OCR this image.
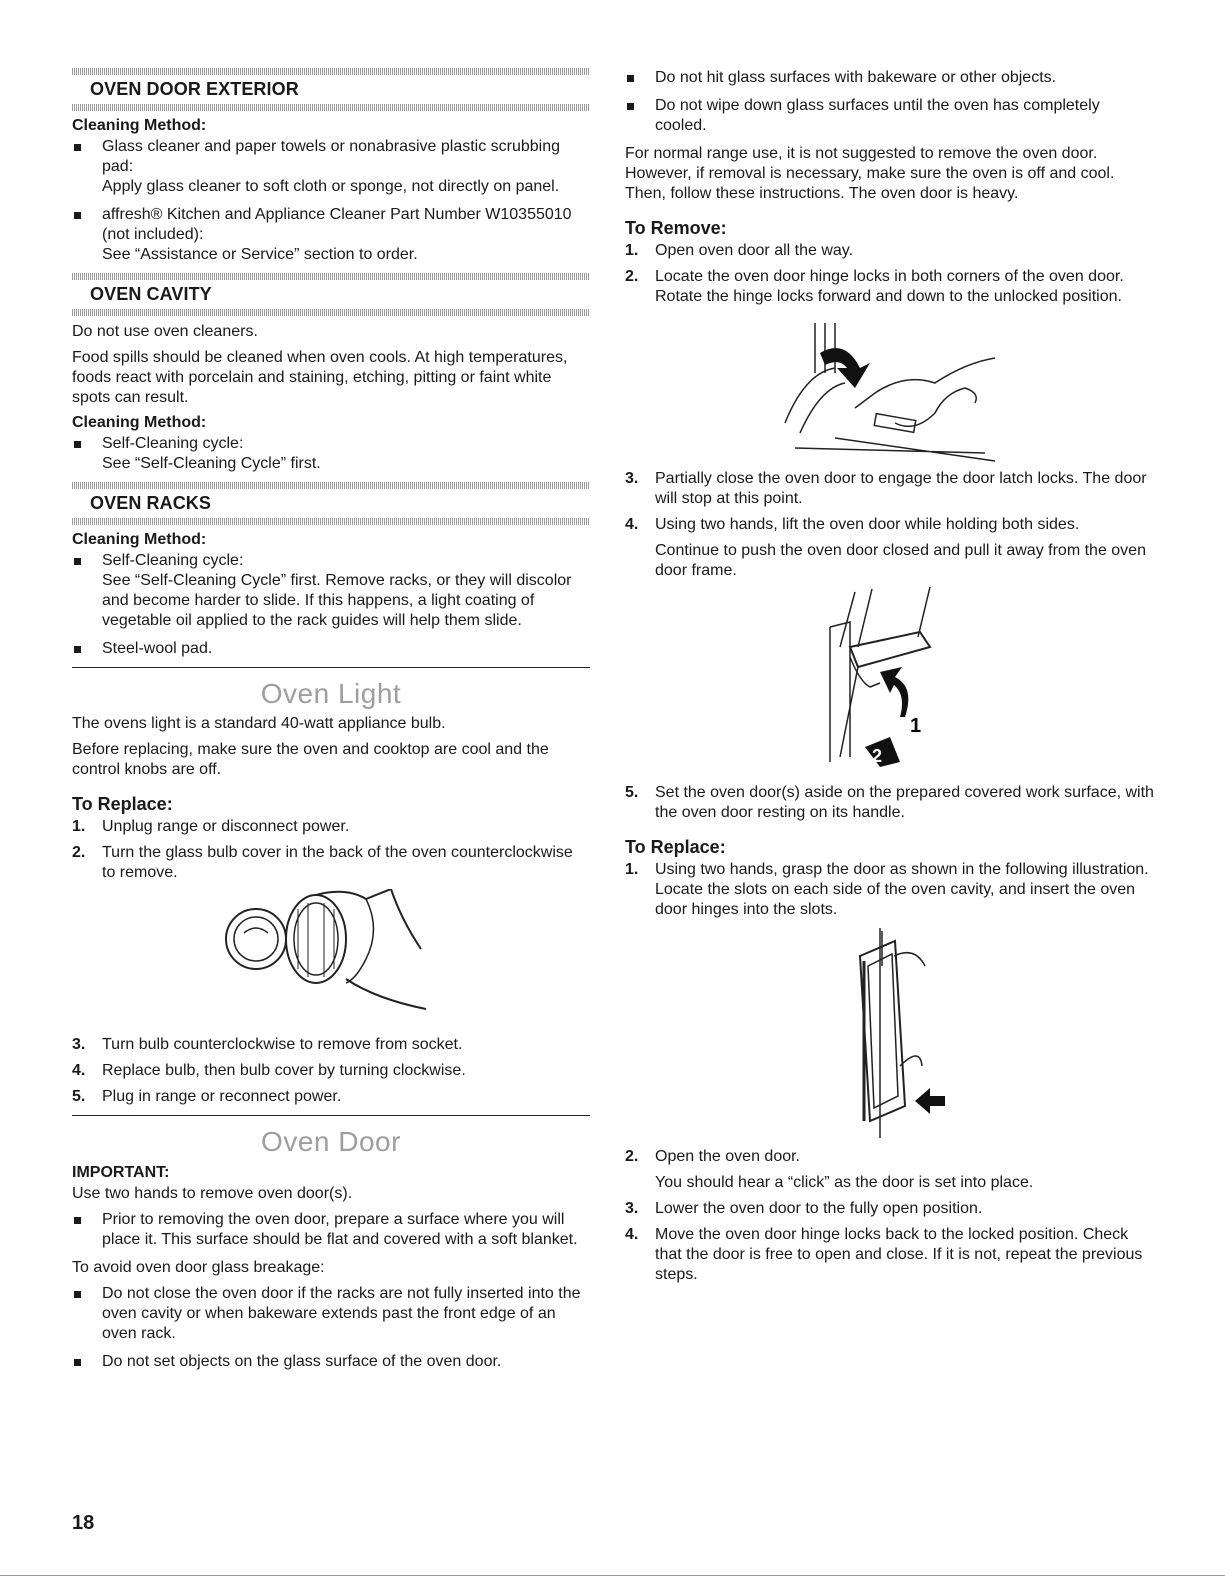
OVEN DOOR EXTERIOR
Cleaning Method:
Glass cleaner and paper towels or nonabrasive plastic scrubbing pad:
Apply glass cleaner to soft cloth or sponge, not directly on panel.
affresh® Kitchen and Appliance Cleaner Part Number W10355010 (not included):
See “Assistance or Service” section to order.
OVEN CAVITY

Do not use oven cleaners.

Food spills should be cleaned when oven cools. At high temperatures, foods react with porcelain and staining, etching, pitting or faint white spots can result.

Cleaning Method:
Self-Cleaning cycle:
See “Self-Cleaning Cycle” first.
OVEN RACKS
Cleaning Method:
Self-Cleaning cycle:
See “Self-Cleaning Cycle” first. Remove racks, or they will discolor and become harder to slide. If this happens, a light coating of vegetable oil applied to the rack guides will help them slide.
Steel-wool pad.
Oven Light

The ovens light is a standard 40-watt appliance bulb.

Before replacing, make sure the oven and cooktop are cool and the control knobs are off.

To Replace:
1. Unplug range or disconnect power.
2. Turn the glass bulb cover in the back of the oven counterclockwise to remove.
3. Turn bulb counterclockwise to remove from socket.
4. Replace bulb, then bulb cover by turning clockwise.
5. Plug in range or reconnect power.
Oven Door
IMPORTANT:

Use two hands to remove oven door(s).

Prior to removing the oven door, prepare a surface where you will place it. This surface should be flat and covered with a soft blanket.

To avoid oven door glass breakage:

Do not close the oven door if the racks are not fully inserted into the oven cavity or when bakeware extends past the front edge of an oven rack.
Do not set objects on the glass surface of the oven door.
Do not hit glass surfaces with bakeware or other objects.
Do not wipe down glass surfaces until the oven has completely cooled.

For normal range use, it is not suggested to remove the oven door. However, if removal is necessary, make sure the oven is off and cool. Then, follow these instructions. The oven door is heavy.

To Remove:
1. Open oven door all the way.
2. Locate the oven door hinge locks in both corners of the oven door. Rotate the hinge locks forward and down to the unlocked position.
3. Partially close the oven door to engage the door latch locks. The door will stop at this point.
4. Using two hands, lift the oven door while holding both sides.
Continue to push the oven door closed and pull it away from the oven door frame.
1
2
5. Set the oven door(s) aside on the prepared covered work surface, with the oven door resting on its handle.
To Replace:
1. Using two hands, grasp the door as shown in the following illustration. Locate the slots on each side of the oven cavity, and insert the oven door hinges into the slots.
2. Open the oven door.
You should hear a “click” as the door is set into place.
3. Lower the oven door to the fully open position.
4. Move the oven door hinge locks back to the locked position. Check that the door is free to open and close. If it is not, repeat the previous steps.
18
